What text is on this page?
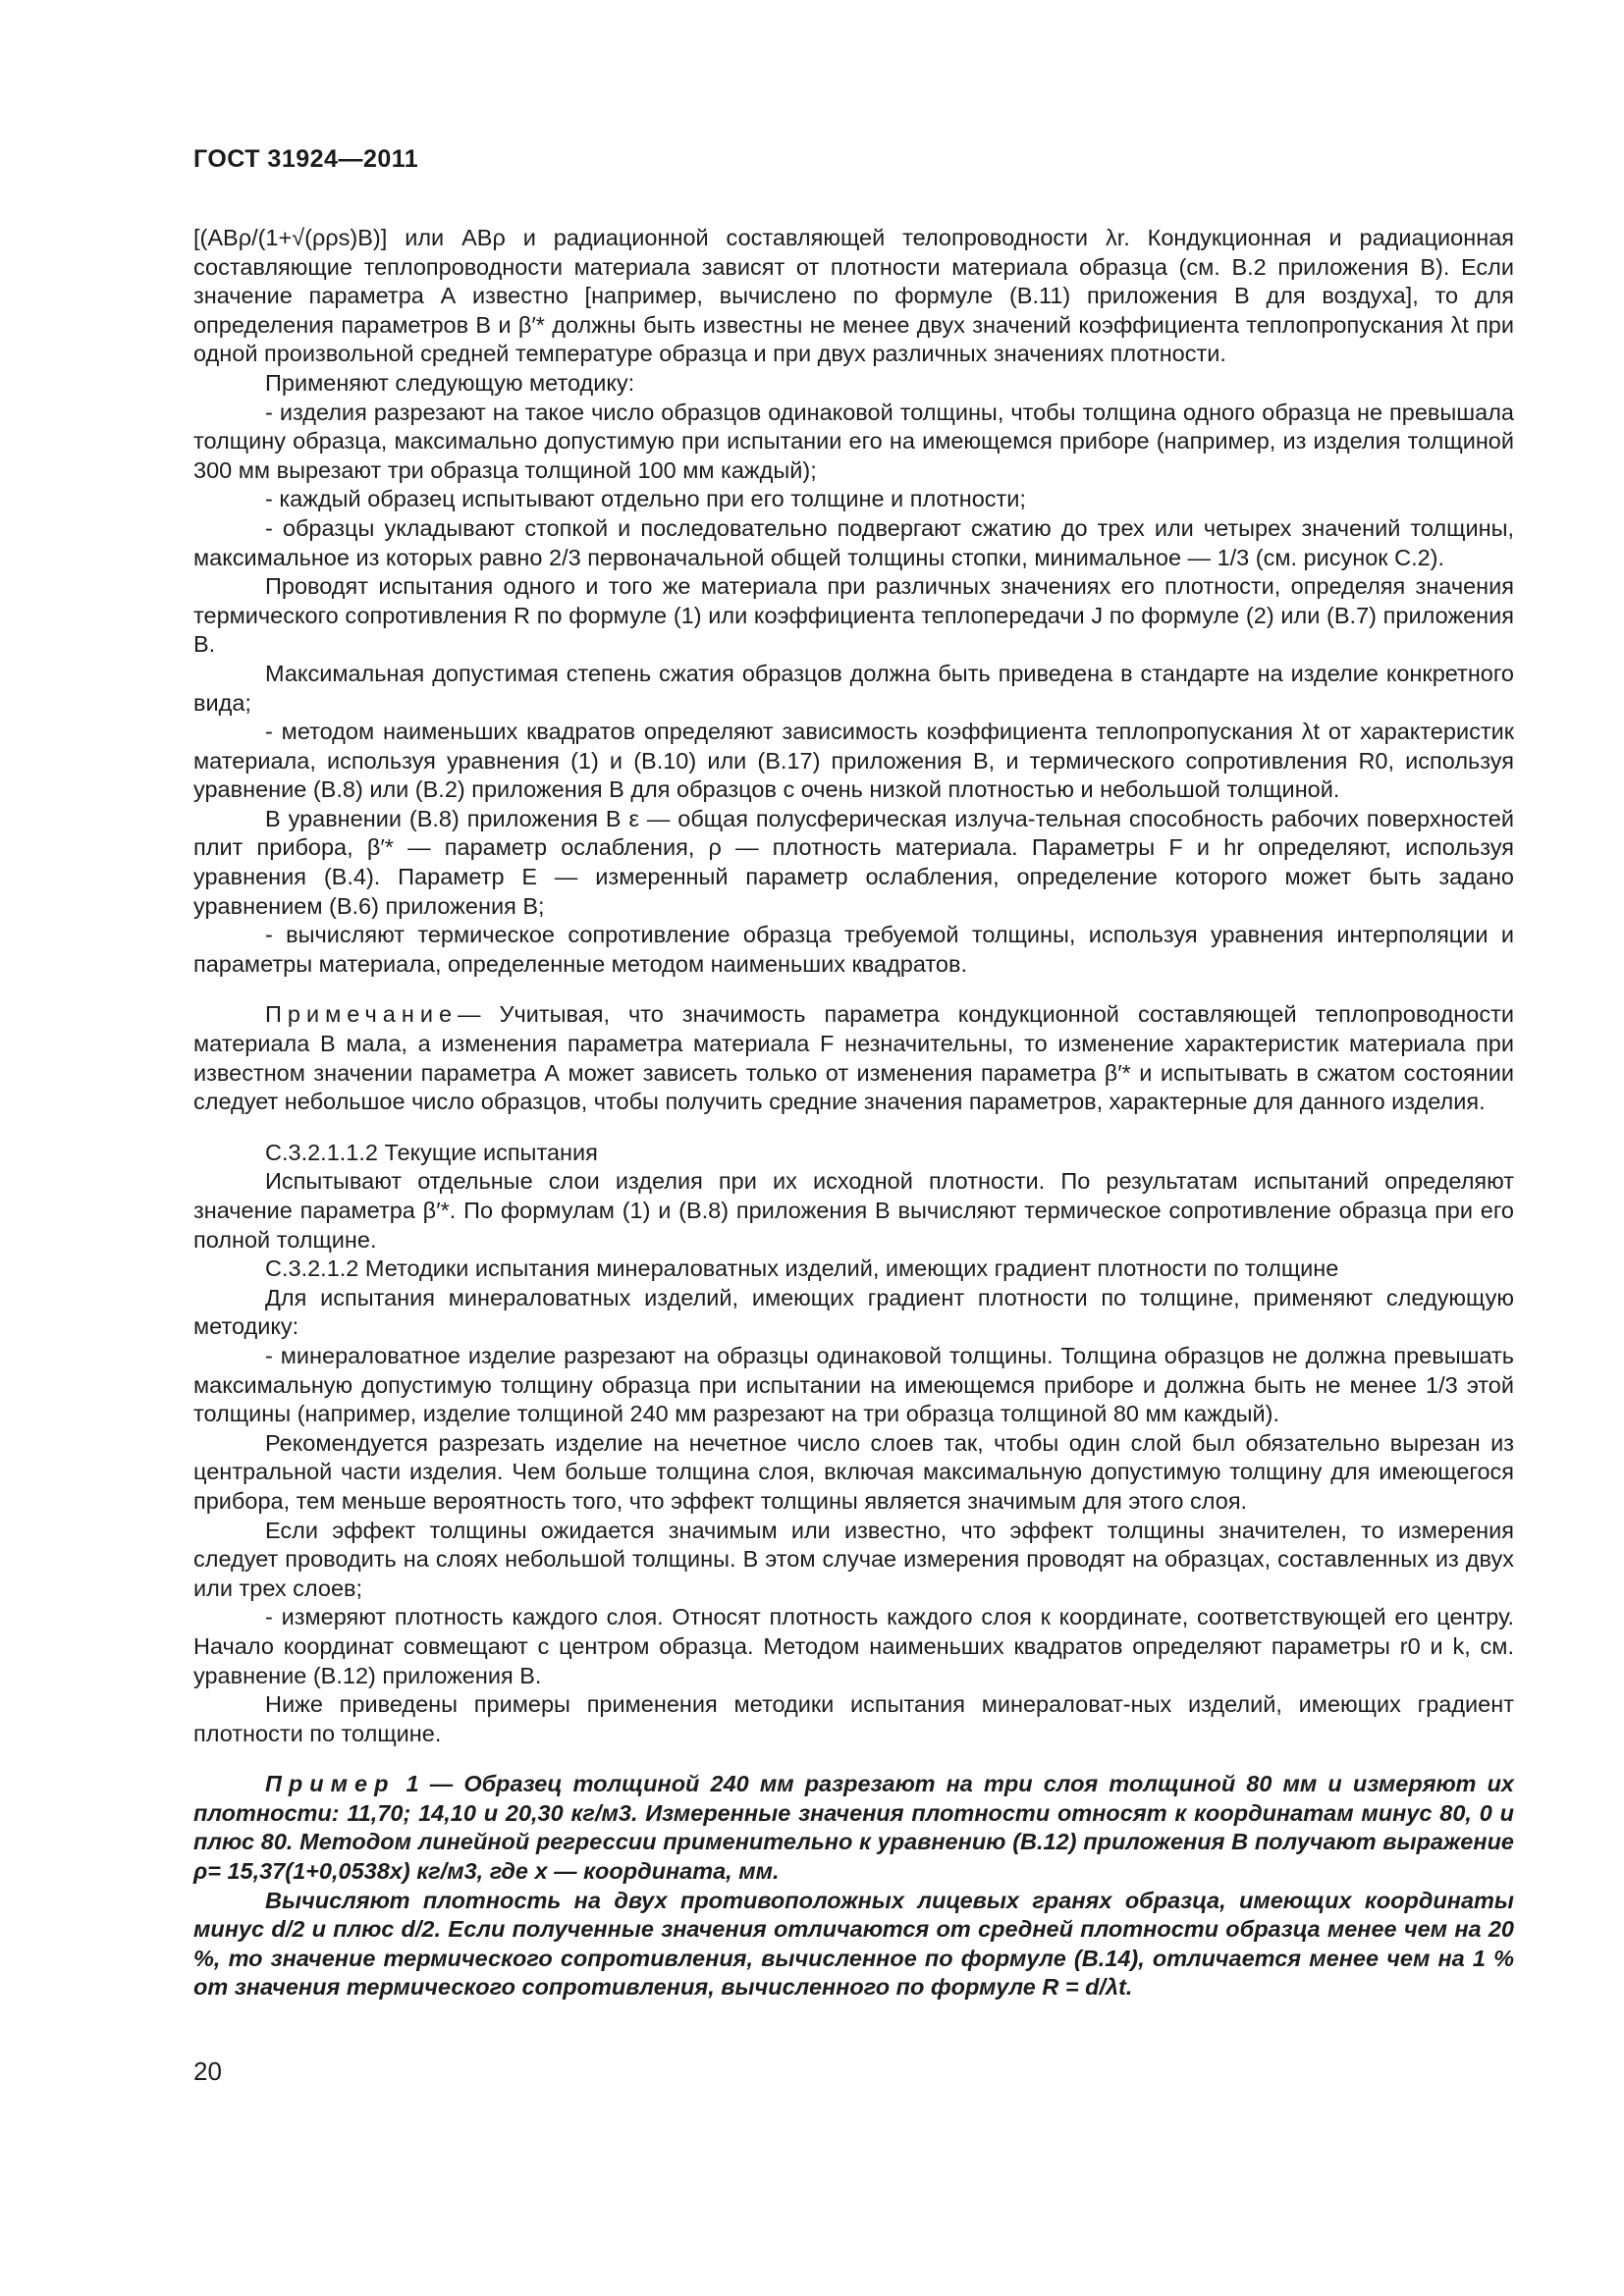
ГОСТ 31924—2011

[(ABρ/(1+√(ρρs)B)] или ABρ и радиационной составляющей телопроводности λr. Кондукционная и радиационная составляющие теплопроводности материала зависят от плотности материала образца (см. В.2 приложения В). Если значение параметра А известно [например, вычислено по формуле (В.11) приложения В для воздуха], то для определения параметров В и β′* должны быть известны не менее двух значений коэффициента теплопропускания λt при одной произвольной средней температуре образца и при двух различных значениях плотности.

Применяют следующую методику:

- изделия разрезают на такое число образцов одинаковой толщины, чтобы толщина одного образца не превышала толщину образца, максимально допустимую при испытании его на имеющемся приборе (например, из изделия толщиной 300 мм вырезают три образца толщиной 100 мм каждый);

- каждый образец испытывают отдельно при его толщине и плотности;

- образцы укладывают стопкой и последовательно подвергают сжатию до трех или четырех значений толщины, максимальное из которых равно 2/3 первоначальной общей толщины стопки, минимальное — 1/3 (см. рисунок С.2).

Проводят испытания одного и того же материала при различных значениях его плотности, определяя значения термического сопротивления R по формуле (1) или коэффициента теплопередачи J по формуле (2) или (В.7) приложения В.

Максимальная допустимая степень сжатия образцов должна быть приведена в стандарте на изделие конкретного вида;

- методом наименьших квадратов определяют зависимость коэффициента теплопропускания λt от характеристик материала, используя уравнения (1) и (В.10) или (В.17) приложения В, и термического сопротивления R0, используя уравнение (В.8) или (В.2) приложения В для образцов с очень низкой плотностью и небольшой толщиной.

В уравнении (В.8) приложения В ε — общая полусферическая излуча-тельная способность рабочих поверхностей плит прибора, β′* — параметр ослабления, ρ — плотность материала. Параметры F и hr определяют, используя уравнения (В.4). Параметр E — измеренный параметр ослабления, определение которого может быть задано уравнением (В.6) приложения В;

- вычисляют термическое сопротивление образца требуемой толщины, используя уравнения интерполяции и параметры материала, определенные методом наименьших квадратов.

Примечание— Учитывая, что значимость параметра кондукционной составляющей теплопроводности материала B мала, а изменения параметра материала F незначительны, то изменение характеристик материала при известном значении параметра А может зависеть только от изменения параметра β′* и испытывать в сжатом состоянии следует небольшое число образцов, чтобы получить средние значения параметров, характерные для данного изделия.

С.3.2.1.1.2 Текущие испытания

Испытывают отдельные слои изделия при их исходной плотности. По результатам испытаний определяют значение параметра β′*. По формулам (1) и (В.8) приложения В вычисляют термическое сопротивление образца при его полной толщине.

С.3.2.1.2 Методики испытания минераловатных изделий, имеющих градиент плотности по толщине

Для испытания минераловатных изделий, имеющих градиент плотности по толщине, применяют следующую методику:

- минераловатное изделие разрезают на образцы одинаковой толщины. Толщина образцов не должна превышать максимальную допустимую толщину образца при испытании на имеющемся приборе и должна быть не менее 1/3 этой толщины (например, изделие толщиной 240 мм разрезают на три образца толщиной 80 мм каждый).

Рекомендуется разрезать изделие на нечетное число слоев так, чтобы один слой был обязательно вырезан из центральной части изделия. Чем больше толщина слоя, включая максимальную допустимую толщину для имеющегося прибора, тем меньше вероятность того, что эффект толщины является значимым для этого слоя.

Если эффект толщины ожидается значимым или известно, что эффект толщины значителен, то измерения следует проводить на слоях небольшой толщины. В этом случае измерения проводят на образцах, составленных из двух или трех слоев;

- измеряют плотность каждого слоя. Относят плотность каждого слоя к координате, соответствующей его центру. Начало координат совмещают с центром образца. Методом наименьших квадратов определяют параметры r0 и k, см. уравнение (В.12) приложения В.

Ниже приведены примеры применения методики испытания минераловат-ных изделий, имеющих градиент плотности по толщине.

Пример 1 — Образец толщиной 240 мм разрезают на три слоя толщиной 80 мм и измеряют их плотности: 11,70; 14,10 и 20,30 кг/м3. Измеренные значения плотности относят к координатам минус 80, 0 и плюс 80. Методом линейной регрессии применительно к уравнению (В.12) приложения В получают выражение ρ= 15,37(1+0,0538x) кг/м3, где х — координата, мм.

Вычисляют плотность на двух противоположных лицевых гранях образца, имеющих координаты минус d/2 и плюс d/2. Если полученные значения отличаются от средней плотности образца менее чем на 20 %, то значение термического сопротивления, вычисленное по формуле (В.14), отличается менее чем на 1 % от значения термического сопротивления, вычисленного по формуле R = d/λt.

20
